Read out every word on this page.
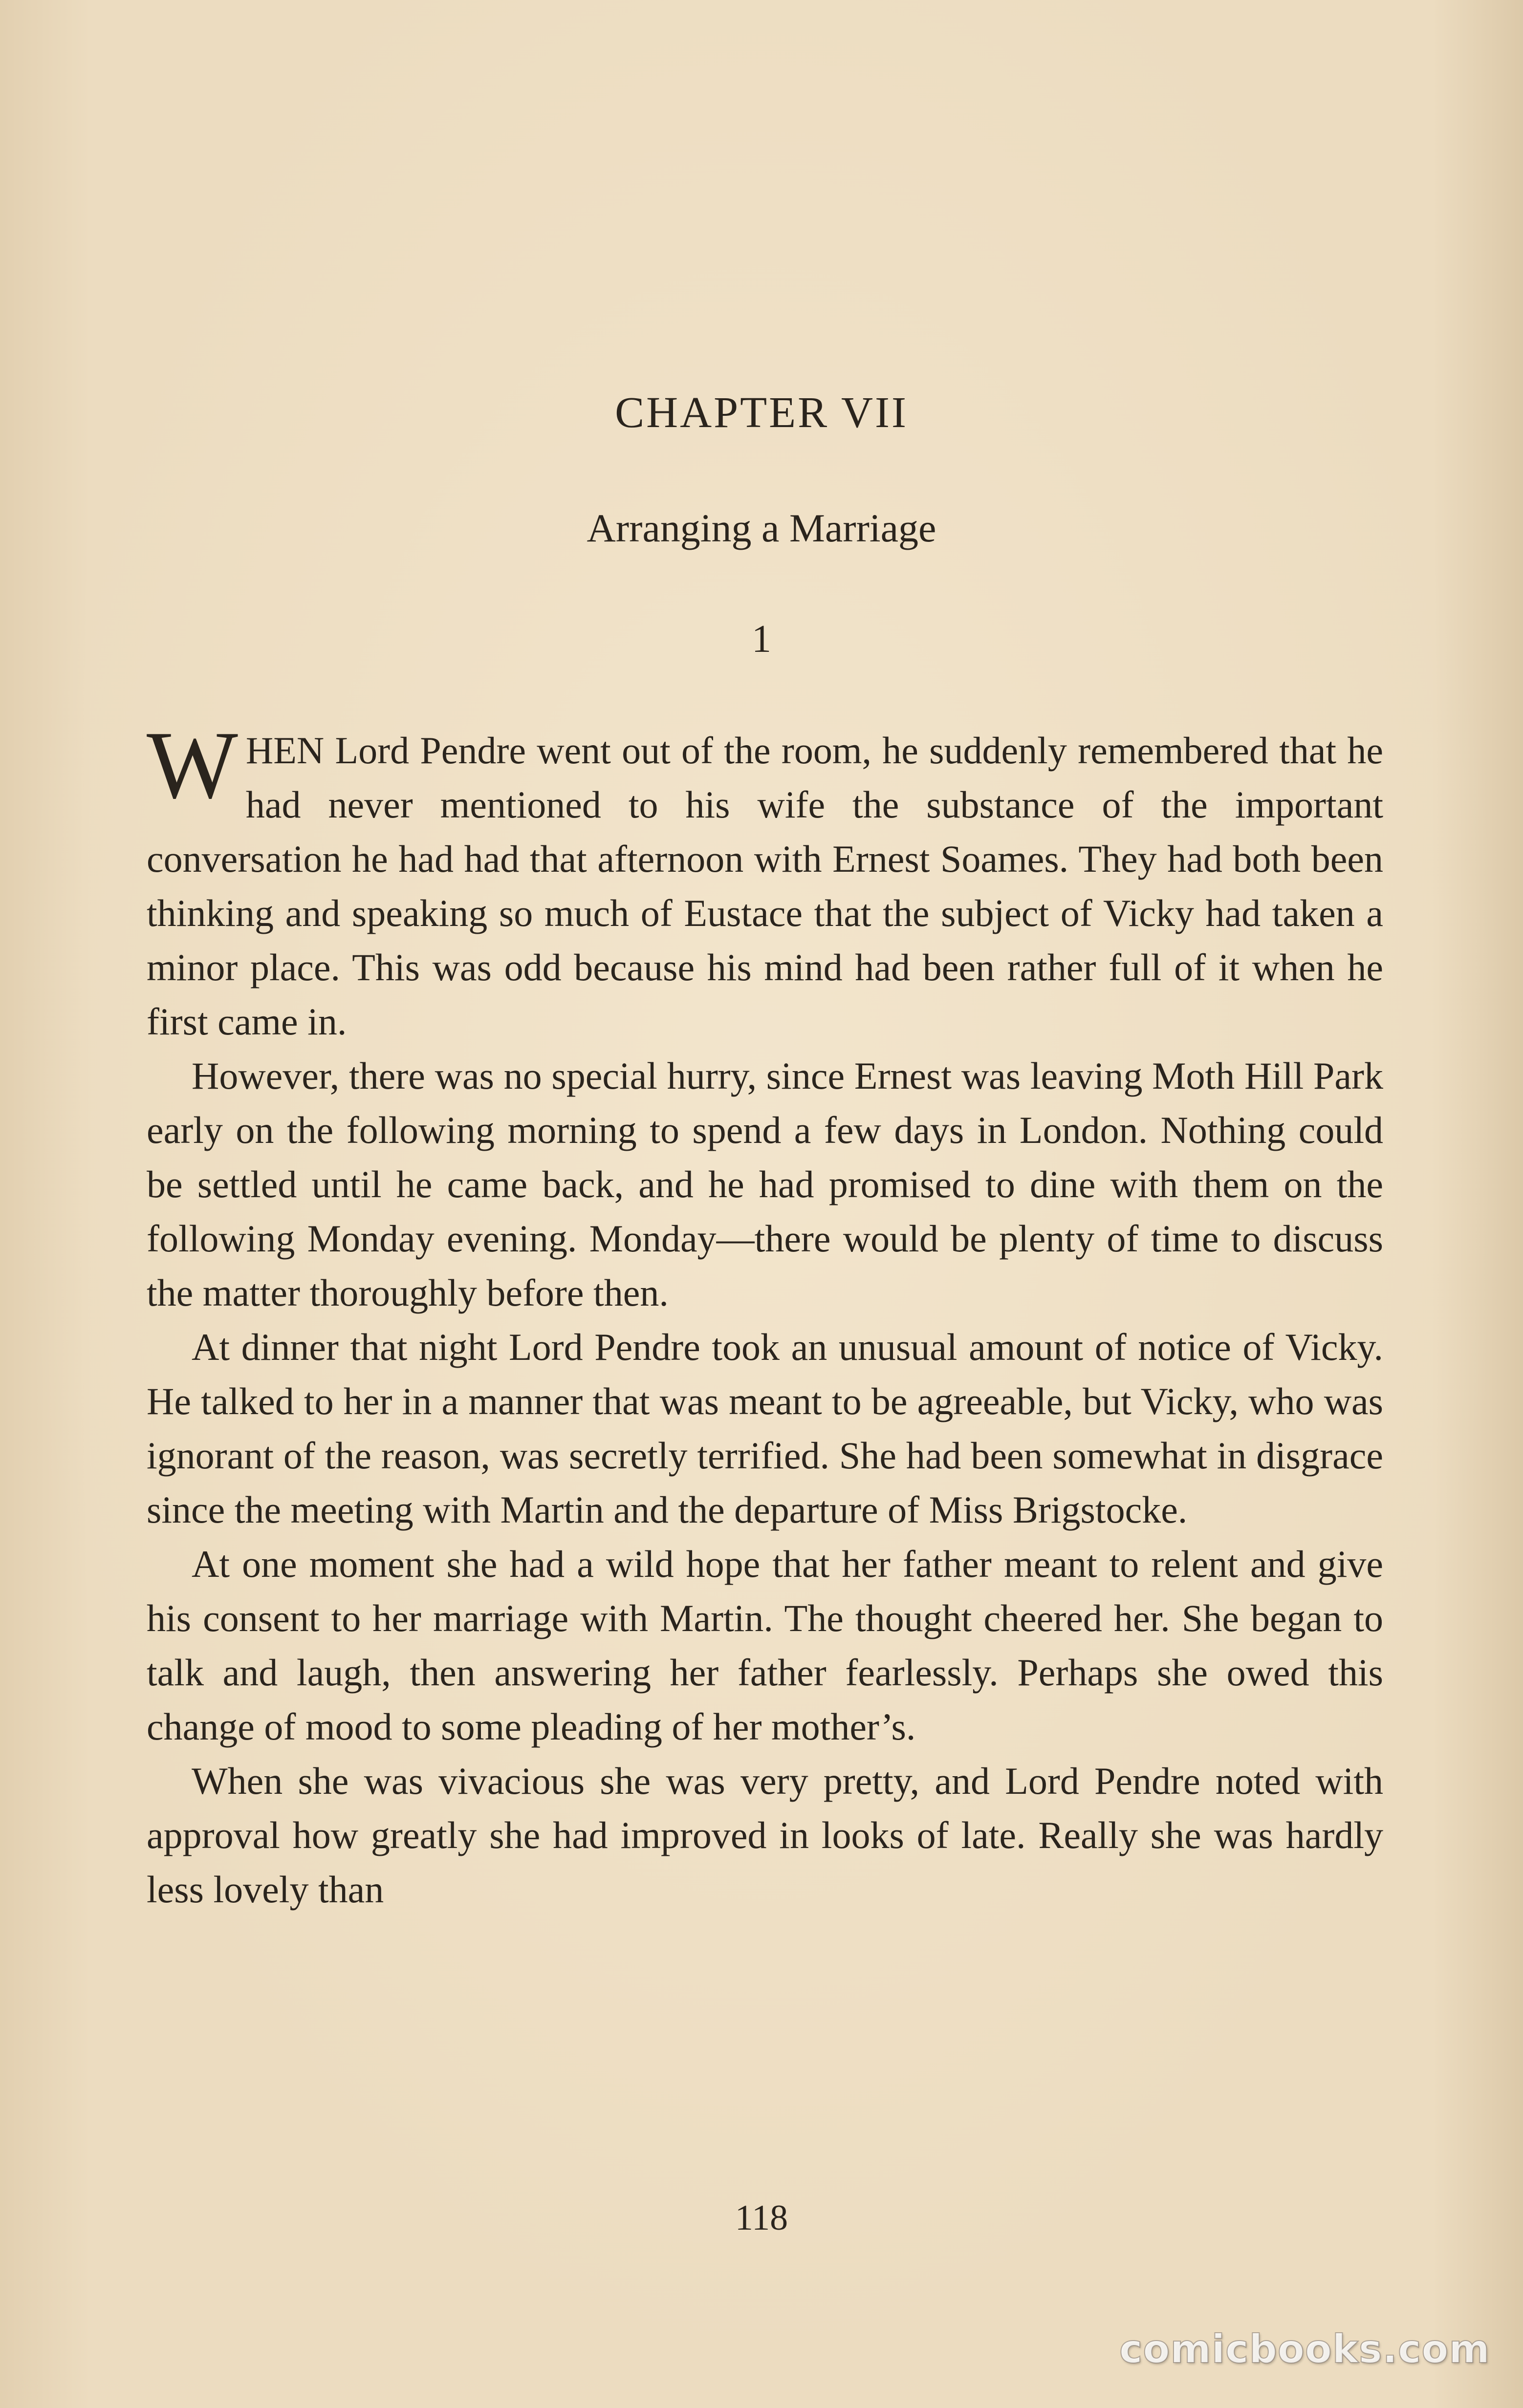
CHAPTER VII
Arranging a Marriage
1

WHEN Lord Pendre went out of the room, he suddenly remembered that he had never mentioned to his wife the substance of the important conversation he had had that afternoon with Ernest Soames. They had both been thinking and speaking so much of Eustace that the subject of Vicky had taken a minor place. This was odd because his mind had been rather full of it when he first came in.

However, there was no special hurry, since Ernest was leaving Moth Hill Park early on the following morning to spend a few days in London. Nothing could be settled until he came back, and he had promised to dine with them on the following Monday evening. Monday—there would be plenty of time to discuss the matter thoroughly before then.

At dinner that night Lord Pendre took an unusual amount of notice of Vicky. He talked to her in a manner that was meant to be agreeable, but Vicky, who was ignorant of the reason, was secretly terrified. She had been somewhat in disgrace since the meeting with Martin and the departure of Miss Brigstocke.

At one moment she had a wild hope that her father meant to relent and give his consent to her marriage with Martin. The thought cheered her. She began to talk and laugh, then answering her father fearlessly. Perhaps she owed this change of mood to some pleading of her mother’s.

When she was vivacious she was very pretty, and Lord Pendre noted with approval how greatly she had improved in looks of late. Really she was hardly less lovely than

118
comicbooks.com
